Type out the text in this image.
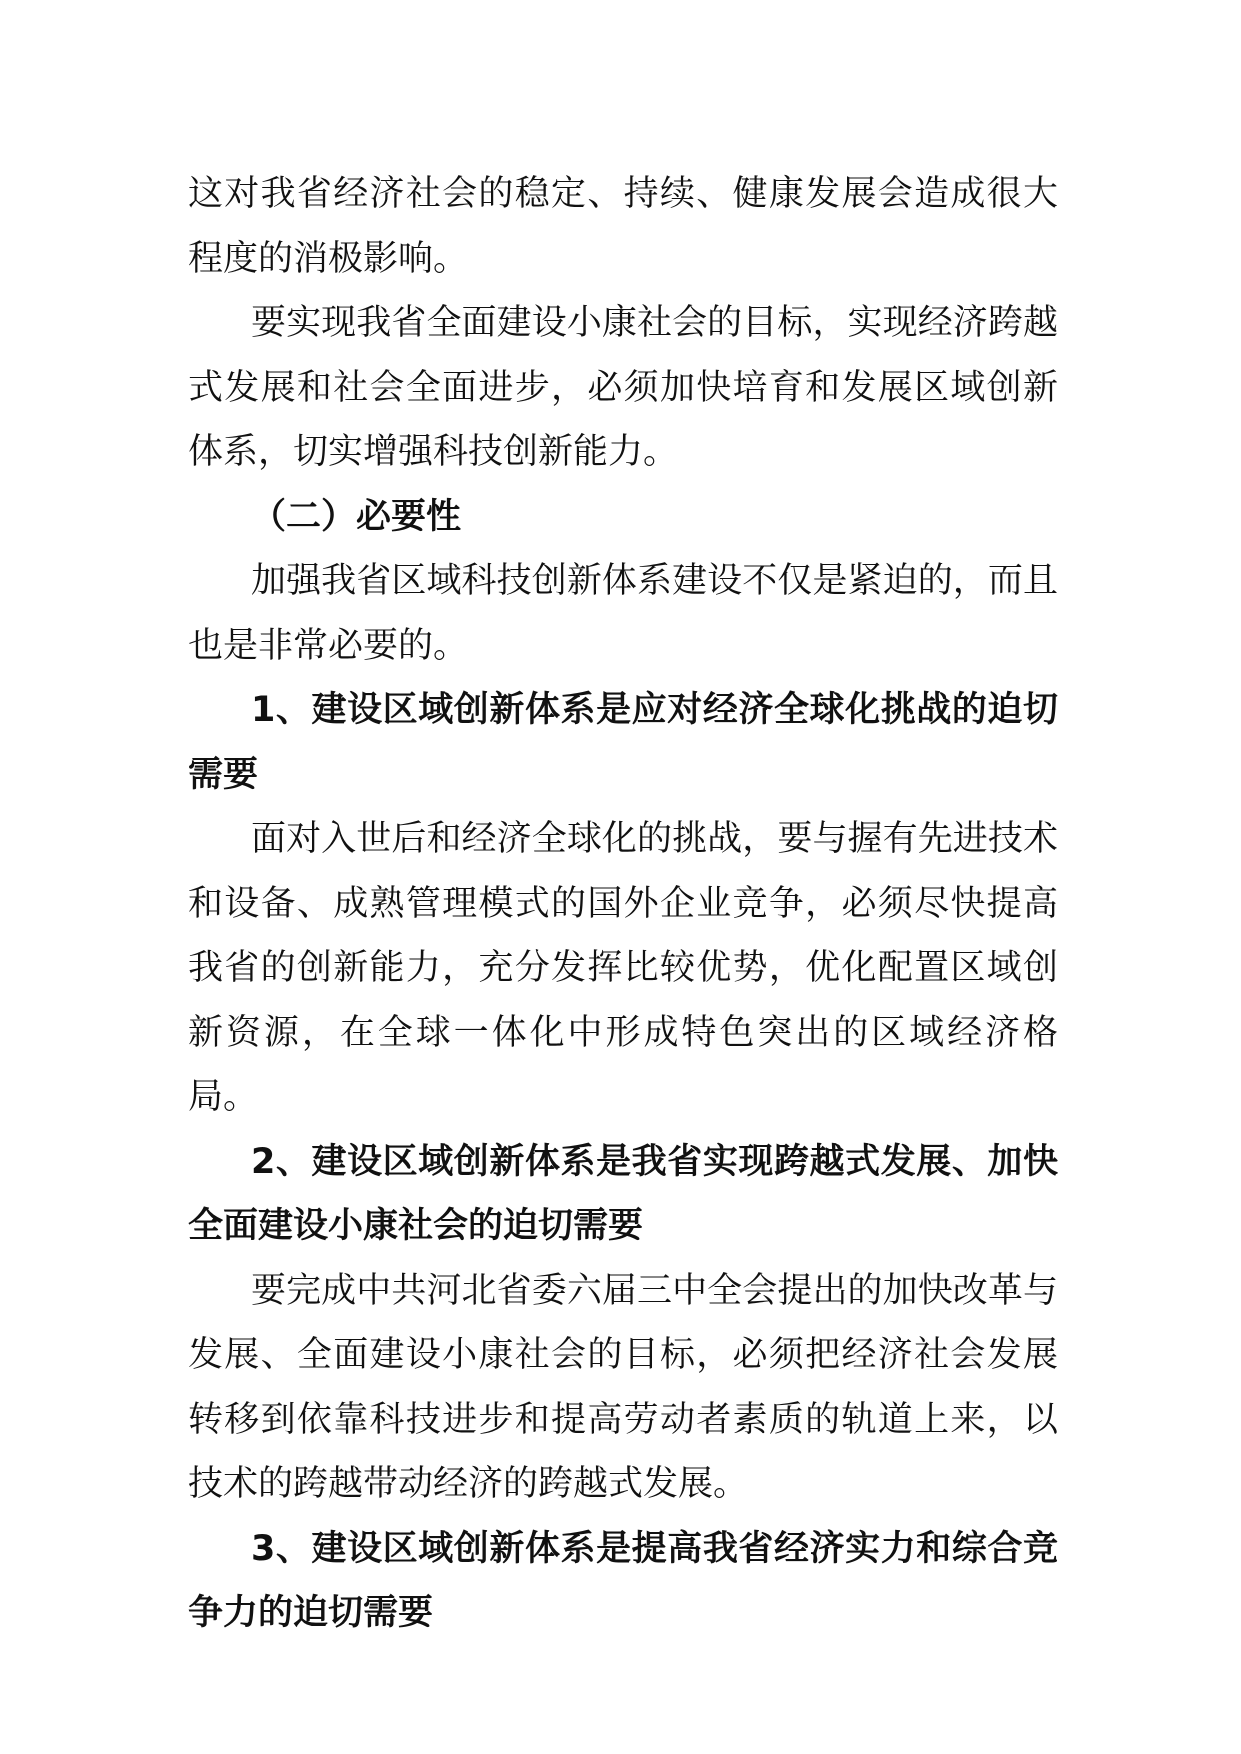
这对我省经济社会的稳定、持续、健康发展会造成很大程度的消极影响。

要实现我省全面建设小康社会的目标，实现经济跨越式发展和社会全面进步，必须加快培育和发展区域创新体系，切实增强科技创新能力。

（二）必要性

加强我省区域科技创新体系建设不仅是紧迫的，而且也是非常必要的。

1、建设区域创新体系是应对经济全球化挑战的迫切需要

面对入世后和经济全球化的挑战，要与握有先进技术和设备、成熟管理模式的国外企业竞争，必须尽快提高我省的创新能力，充分发挥比较优势，优化配置区域创新资源，在全球一体化中形成特色突出的区域经济格局。

2、建设区域创新体系是我省实现跨越式发展、加快全面建设小康社会的迫切需要

要完成中共河北省委六届三中全会提出的加快改革与发展、全面建设小康社会的目标，必须把经济社会发展转移到依靠科技进步和提高劳动者素质的轨道上来，以技术的跨越带动经济的跨越式发展。

3、建设区域创新体系是提高我省经济实力和综合竞争力的迫切需要
